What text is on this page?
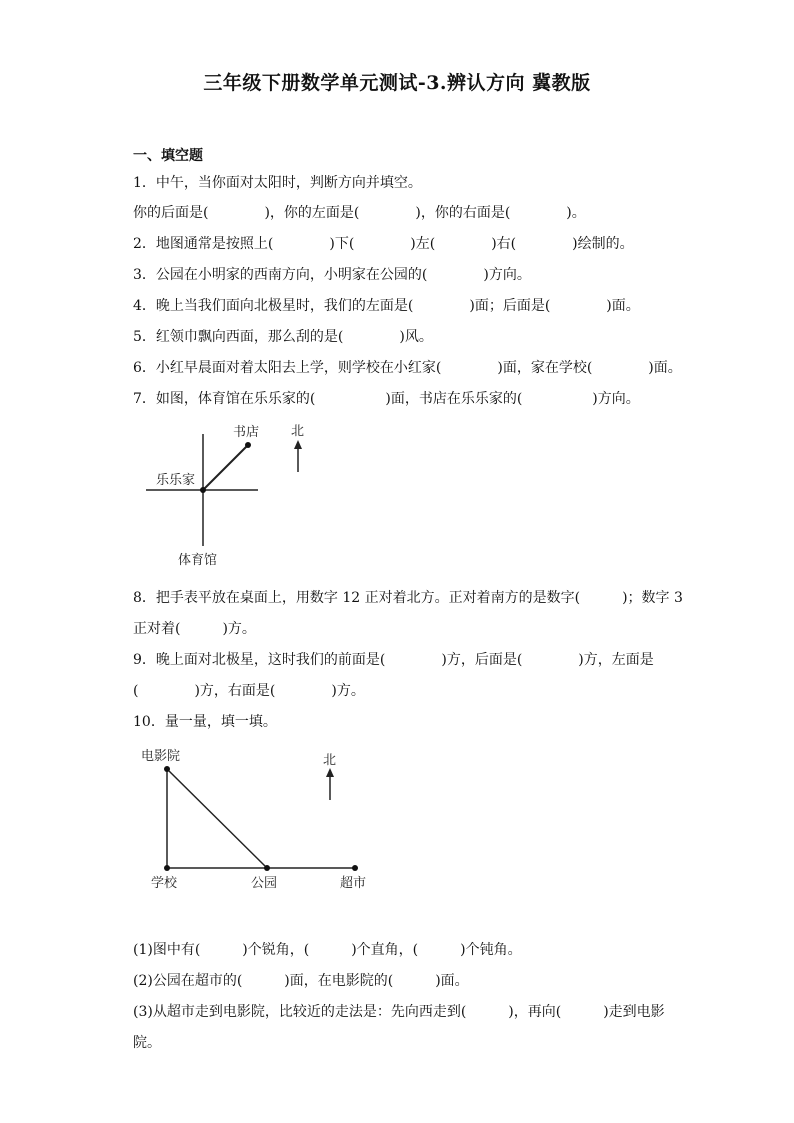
三年级下册数学单元测试-3.辨认方向 冀教版
一、填空题
1．中午，当你面对太阳时，判断方向并填空。
你的后面是(　　　　)，你的左面是(　　　　)，你的右面是(　　　　)。
2．地图通常是按照上(　　　　)下(　　　　)左(　　　　)右(　　　　)绘制的。
3．公园在小明家的西南方向，小明家在公园的(　　　　)方向。
4．晚上当我们面向北极星时，我们的左面是(　　　　)面；后面是(　　　　)面。
5．红领巾飘向西面，那么刮的是(　　　　)风。
6．小红早晨面对着太阳去上学，则学校在小红家(　　　　)面，家在学校(　　　　)面。
7．如图，体育馆在乐乐家的(　　　　　)面，书店在乐乐家的(　　　　　)方向。
书店
乐乐家
体育馆
北
8．把手表平放在桌面上，用数字 12 正对着北方。正对着南方的是数字(　　　)；数字 3
正对着(　　　)方。
9．晚上面对北极星，这时我们的前面是(　　　　)方，后面是(　　　　)方，左面是
(　　　　)方，右面是(　　　　)方。
10．量一量，填一填。
电影院
学校	公园	超市
北
(1)图中有(　　　)个锐角，(　　　)个直角，(　　　)个钝角。
(2)公园在超市的(　　　)面，在电影院的(　　　)面。
(3)从超市走到电影院，比较近的走法是：先向西走到(　　　)，再向(　　　)走到电影
院。
